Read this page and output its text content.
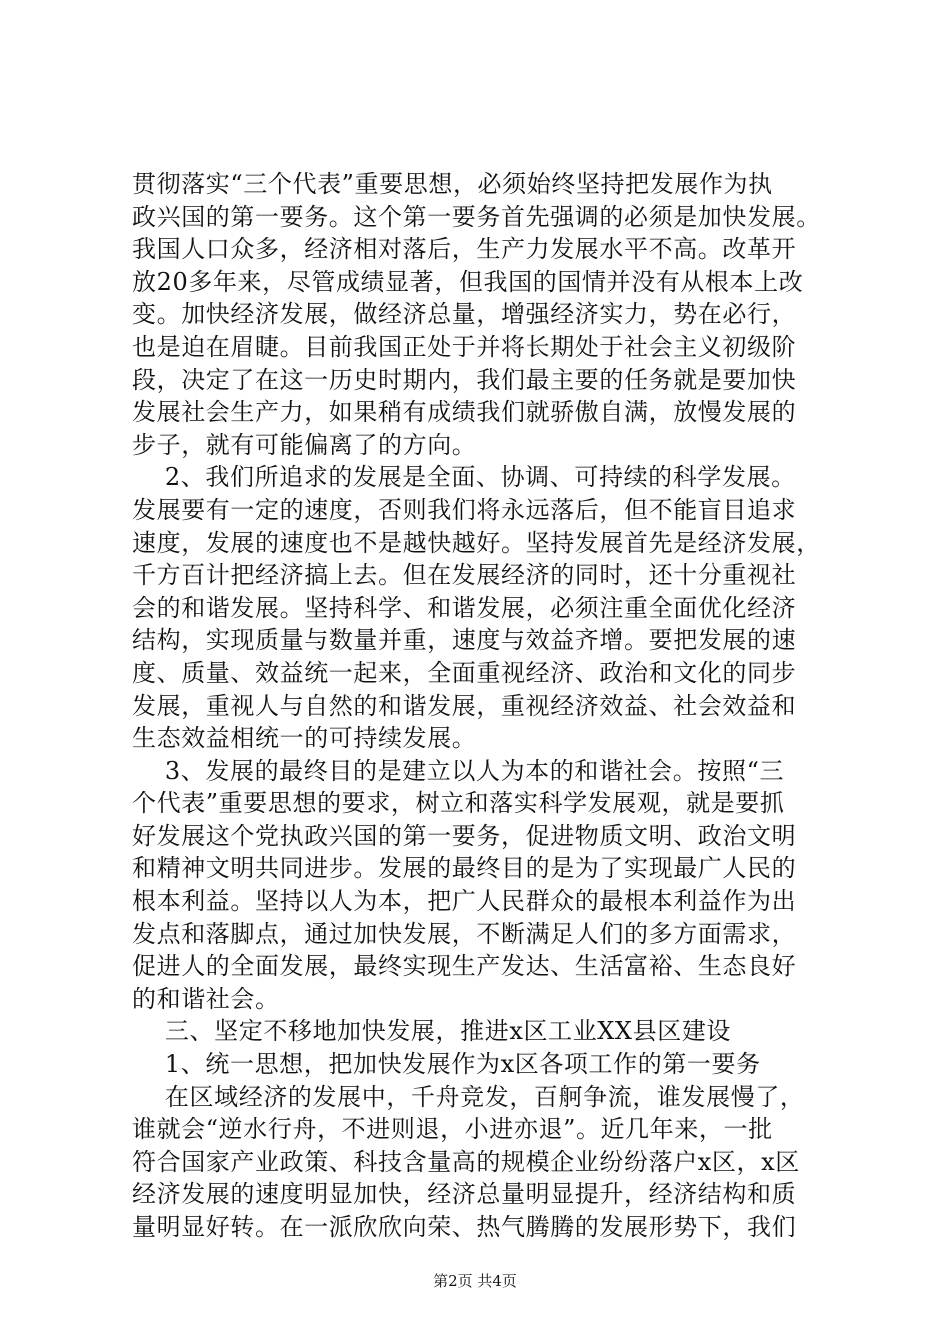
贯彻落实“三个代表”重要思想，必须始终坚持把发展作为执
政兴国的第一要务。这个第一要务首先强调的必须是加快发展。
我国人口众多，经济相对落后，生产力发展水平不高。改革开
放20多年来，尽管成绩显著，但我国的国情并没有从根本上改
变。加快经济发展，做经济总量，增强经济实力，势在必行，
也是迫在眉睫。目前我国正处于并将长期处于社会主义初级阶
段，决定了在这一历史时期内，我们最主要的任务就是要加快
发展社会生产力，如果稍有成绩我们就骄傲自满，放慢发展的
步子，就有可能偏离了的方向。
2、我们所追求的发展是全面、协调、可持续的科学发展。
发展要有一定的速度，否则我们将永远落后，但不能盲目追求
速度，发展的速度也不是越快越好。坚持发展首先是经济发展，
千方百计把经济搞上去。但在发展经济的同时，还十分重视社
会的和谐发展。坚持科学、和谐发展，必须注重全面优化经济
结构，实现质量与数量并重，速度与效益齐增。要把发展的速
度、质量、效益统一起来，全面重视经济、政治和文化的同步
发展，重视人与自然的和谐发展，重视经济效益、社会效益和
生态效益相统一的可持续发展。
3、发展的最终目的是建立以人为本的和谐社会。按照“三
个代表”重要思想的要求，树立和落实科学发展观，就是要抓
好发展这个党执政兴国的第一要务，促进物质文明、政治文明
和精神文明共同进步。发展的最终目的是为了实现最广人民的
根本利益。坚持以人为本，把广人民群众的最根本利益作为出
发点和落脚点，通过加快发展，不断满足人们的多方面需求，
促进人的全面发展，最终实现生产发达、生活富裕、生态良好
的和谐社会。
三、坚定不移地加快发展，推进x区工业XX县区建设
1、统一思想，把加快发展作为x区各项工作的第一要务
在区域经济的发展中，千舟竞发，百舸争流，谁发展慢了，
谁就会“逆水行舟，不进则退，小进亦退”。近几年来，一批
符合国家产业政策、科技含量高的规模企业纷纷落户x区，x区
经济发展的速度明显加快，经济总量明显提升，经济结构和质
量明显好转。在一派欣欣向荣、热气腾腾的发展形势下，我们
第2页 共4页
